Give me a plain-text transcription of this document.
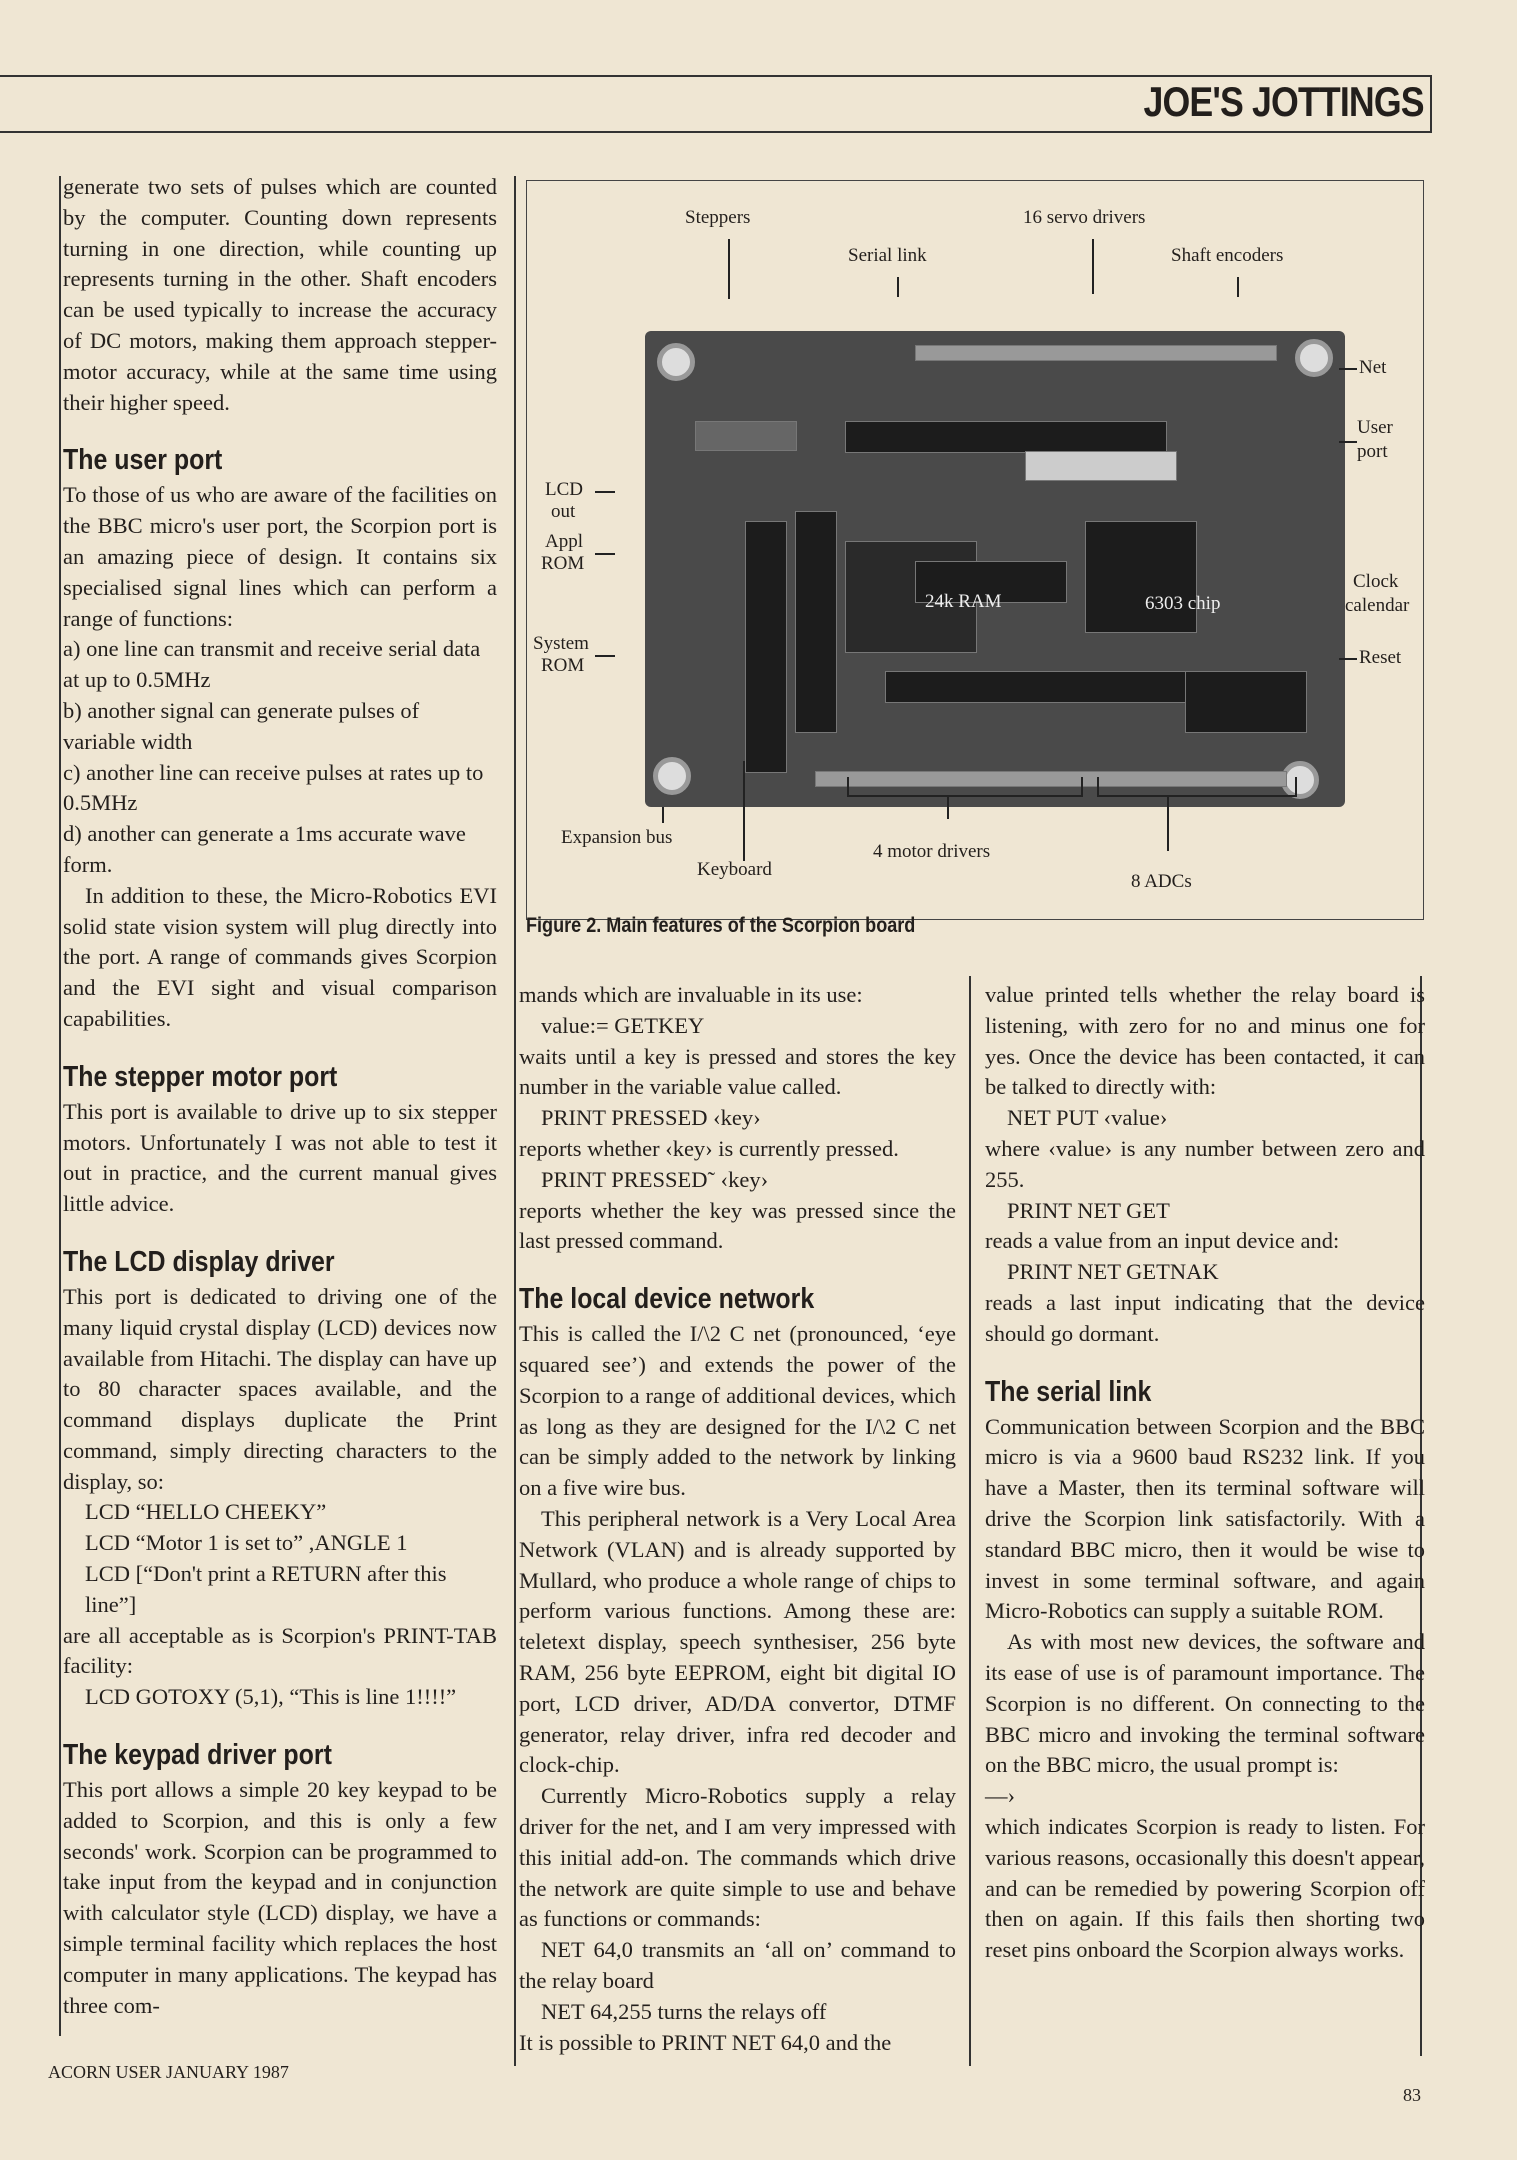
JOE'S JOTTINGS

generate two sets of pulses which are counted by the computer. Counting down represents turning in one direction, while counting up represents turning in the other. Shaft encoders can be used typically to increase the accuracy of DC motors, making them approach stepper-motor accuracy, while at the same time using their higher speed.

The user port

To those of us who are aware of the facilities on the BBC micro's user port, the Scorpion port is an amazing piece of design. It contains six specialised signal lines which can perform a range of functions:

a) one line can transmit and receive serial data at up to 0.5MHz

b) another signal can generate pulses of variable width

c) another line can receive pulses at rates up to 0.5MHz

d) another can generate a 1ms accurate wave form.

In addition to these, the Micro-Robotics EVI solid state vision system will plug directly into the port. A range of commands gives Scorpion and the EVI sight and visual comparison capabilities.

The stepper motor port

This port is available to drive up to six stepper motors. Unfortunately I was not able to test it out in practice, and the current manual gives little advice.

The LCD display driver

This port is dedicated to driving one of the many liquid crystal display (LCD) devices now available from Hitachi. The display can have up to 80 character spaces available, and the command displays duplicate the Print command, simply directing characters to the display, so:

LCD “HELLO CHEEKY”

LCD “Motor 1 is set to” ,ANGLE 1

LCD [“Don't print a RETURN after this line”]

are all acceptable as is Scorpion's PRINT-TAB facility:

LCD GOTOXY (5,1), “This is line 1!!!!”

The keypad driver port

This port allows a simple 20 key keypad to be added to Scorpion, and this is only a few seconds' work. Scorpion can be programmed to take input from the keypad and in conjunction with calculator style (LCD) display, we have a simple terminal facility which replaces the host computer in many applications. The keypad has three com-

24k RAM	6303 chip
Steppers	16 servo drivers
Serial link	Shaft encoders
Net
User
port
Clock
calendar
Reset
LCD
out
Appl
ROM
System
ROM
Expansion bus
Keyboard
4 motor drivers
8 ADCs
Figure 2. Main features of the Scorpion board

mands which are invaluable in its use:

value:= GETKEY

waits until a key is pressed and stores the key number in the variable value called.

PRINT PRESSED ‹key›

reports whether ‹key› is currently pressed.

PRINT PRESSED˜ ‹key›

reports whether the key was pressed since the last pressed command.

The local device network

This is called the I/\2 C net (pronounced, ‘eye squared see’) and extends the power of the Scorpion to a range of additional devices, which as long as they are designed for the I/\2 C net can be simply added to the network by linking on a five wire bus.

This peripheral network is a Very Local Area Network (VLAN) and is already supported by Mullard, who produce a whole range of chips to perform various functions. Among these are: teletext display, speech synthesiser, 256 byte RAM, 256 byte EEPROM, eight bit digital IO port, LCD driver, AD/DA convertor, DTMF generator, relay driver, infra red decoder and clock-chip.

Currently Micro-Robotics supply a relay driver for the net, and I am very impressed with this initial add-on. The commands which drive the network are quite simple to use and behave as functions or commands:

NET 64,0 transmits an ‘all on’ command to the relay board

NET 64,255 turns the relays off

It is possible to PRINT NET 64,0 and the

value printed tells whether the relay board is listening, with zero for no and minus one for yes. Once the device has been contacted, it can be talked to directly with:

NET PUT ‹value›

where ‹value› is any number between zero and 255.

PRINT NET GET

reads a value from an input device and:

PRINT NET GETNAK

reads a last input indicating that the device should go dormant.

The serial link

Communication between Scorpion and the BBC micro is via a 9600 baud RS232 link. If you have a Master, then its terminal software will drive the Scorpion link satisfactorily. With a standard BBC micro, then it would be wise to invest in some terminal software, and again Micro-Robotics can supply a suitable ROM.

As with most new devices, the software and its ease of use is of paramount importance. The Scorpion is no different. On connecting to the BBC micro and invoking the terminal software on the BBC micro, the usual prompt is:

—›

which indicates Scorpion is ready to listen. For various reasons, occasionally this doesn't appear, and can be remedied by powering Scorpion off then on again. If this fails then shorting two reset pins onboard the Scorpion always works.

ACORN USER JANUARY 1987
83
